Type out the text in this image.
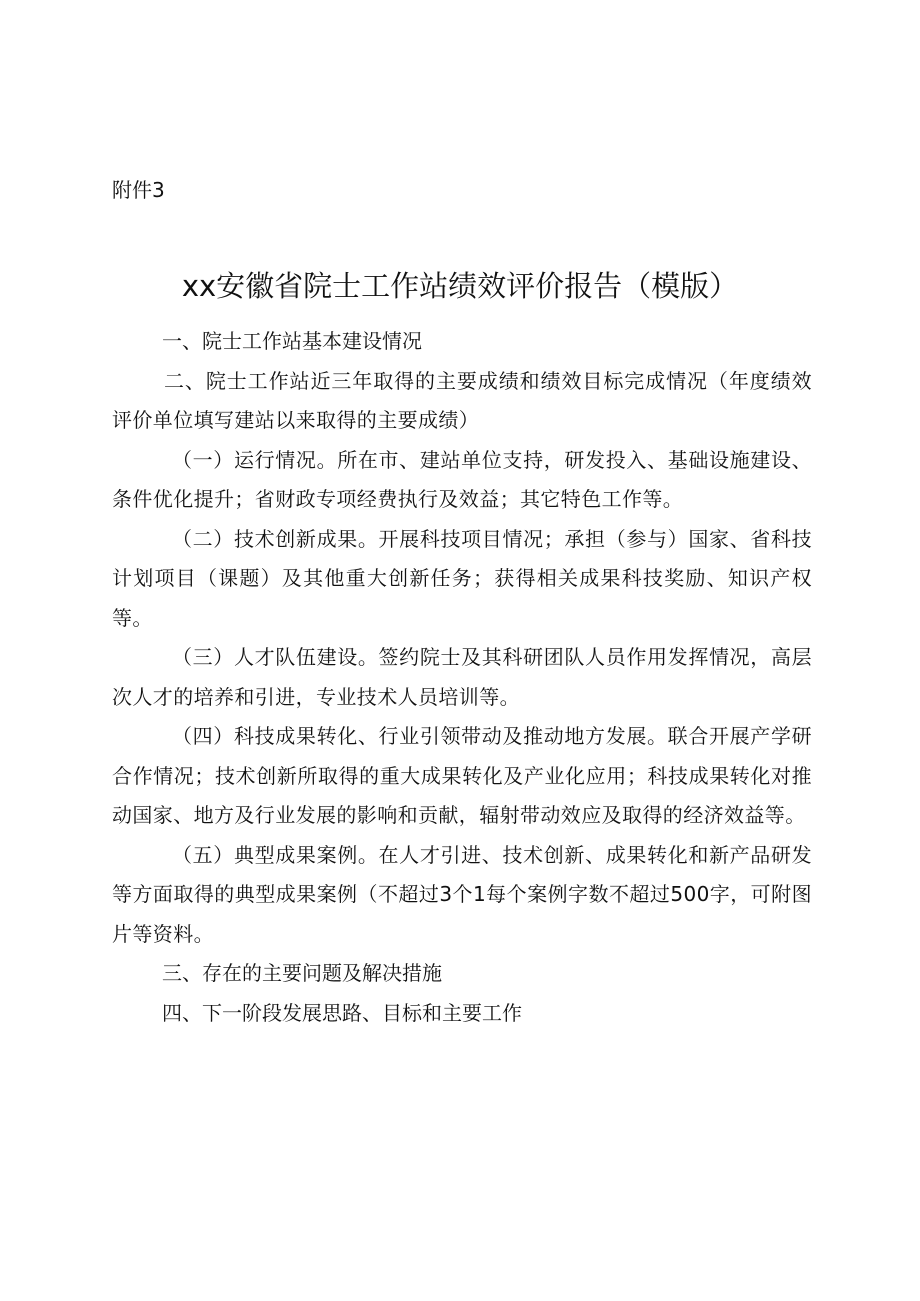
附件3
xx安徽省院士工作站绩效评价报告（模版）

一、院士工作站基本建设情况

二、院士工作站近三年取得的主要成绩和绩效目标完成情况（年度绩效评价单位填写建站以来取得的主要成绩）

（一）运行情况。所在市、建站单位支持，研发投入、基础设施建设、条件优化提升；省财政专项经费执行及效益；其它特色工作等。

（二）技术创新成果。开展科技项目情况；承担（参与）国家、省科技计划项目（课题）及其他重大创新任务；获得相关成果科技奖励、知识产权等。

（三）人才队伍建设。签约院士及其科研团队人员作用发挥情况，高层次人才的培养和引进，专业技术人员培训等。

（四）科技成果转化、行业引领带动及推动地方发展。联合开展产学研合作情况；技术创新所取得的重大成果转化及产业化应用；科技成果转化对推动国家、地方及行业发展的影响和贡献，辐射带动效应及取得的经济效益等。

（五）典型成果案例。在人才引进、技术创新、成果转化和新产品研发等方面取得的典型成果案例（不超过3个1每个案例字数不超过500字，可附图片等资料。

三、存在的主要问题及解决措施

四、下一阶段发展思路、目标和主要工作
